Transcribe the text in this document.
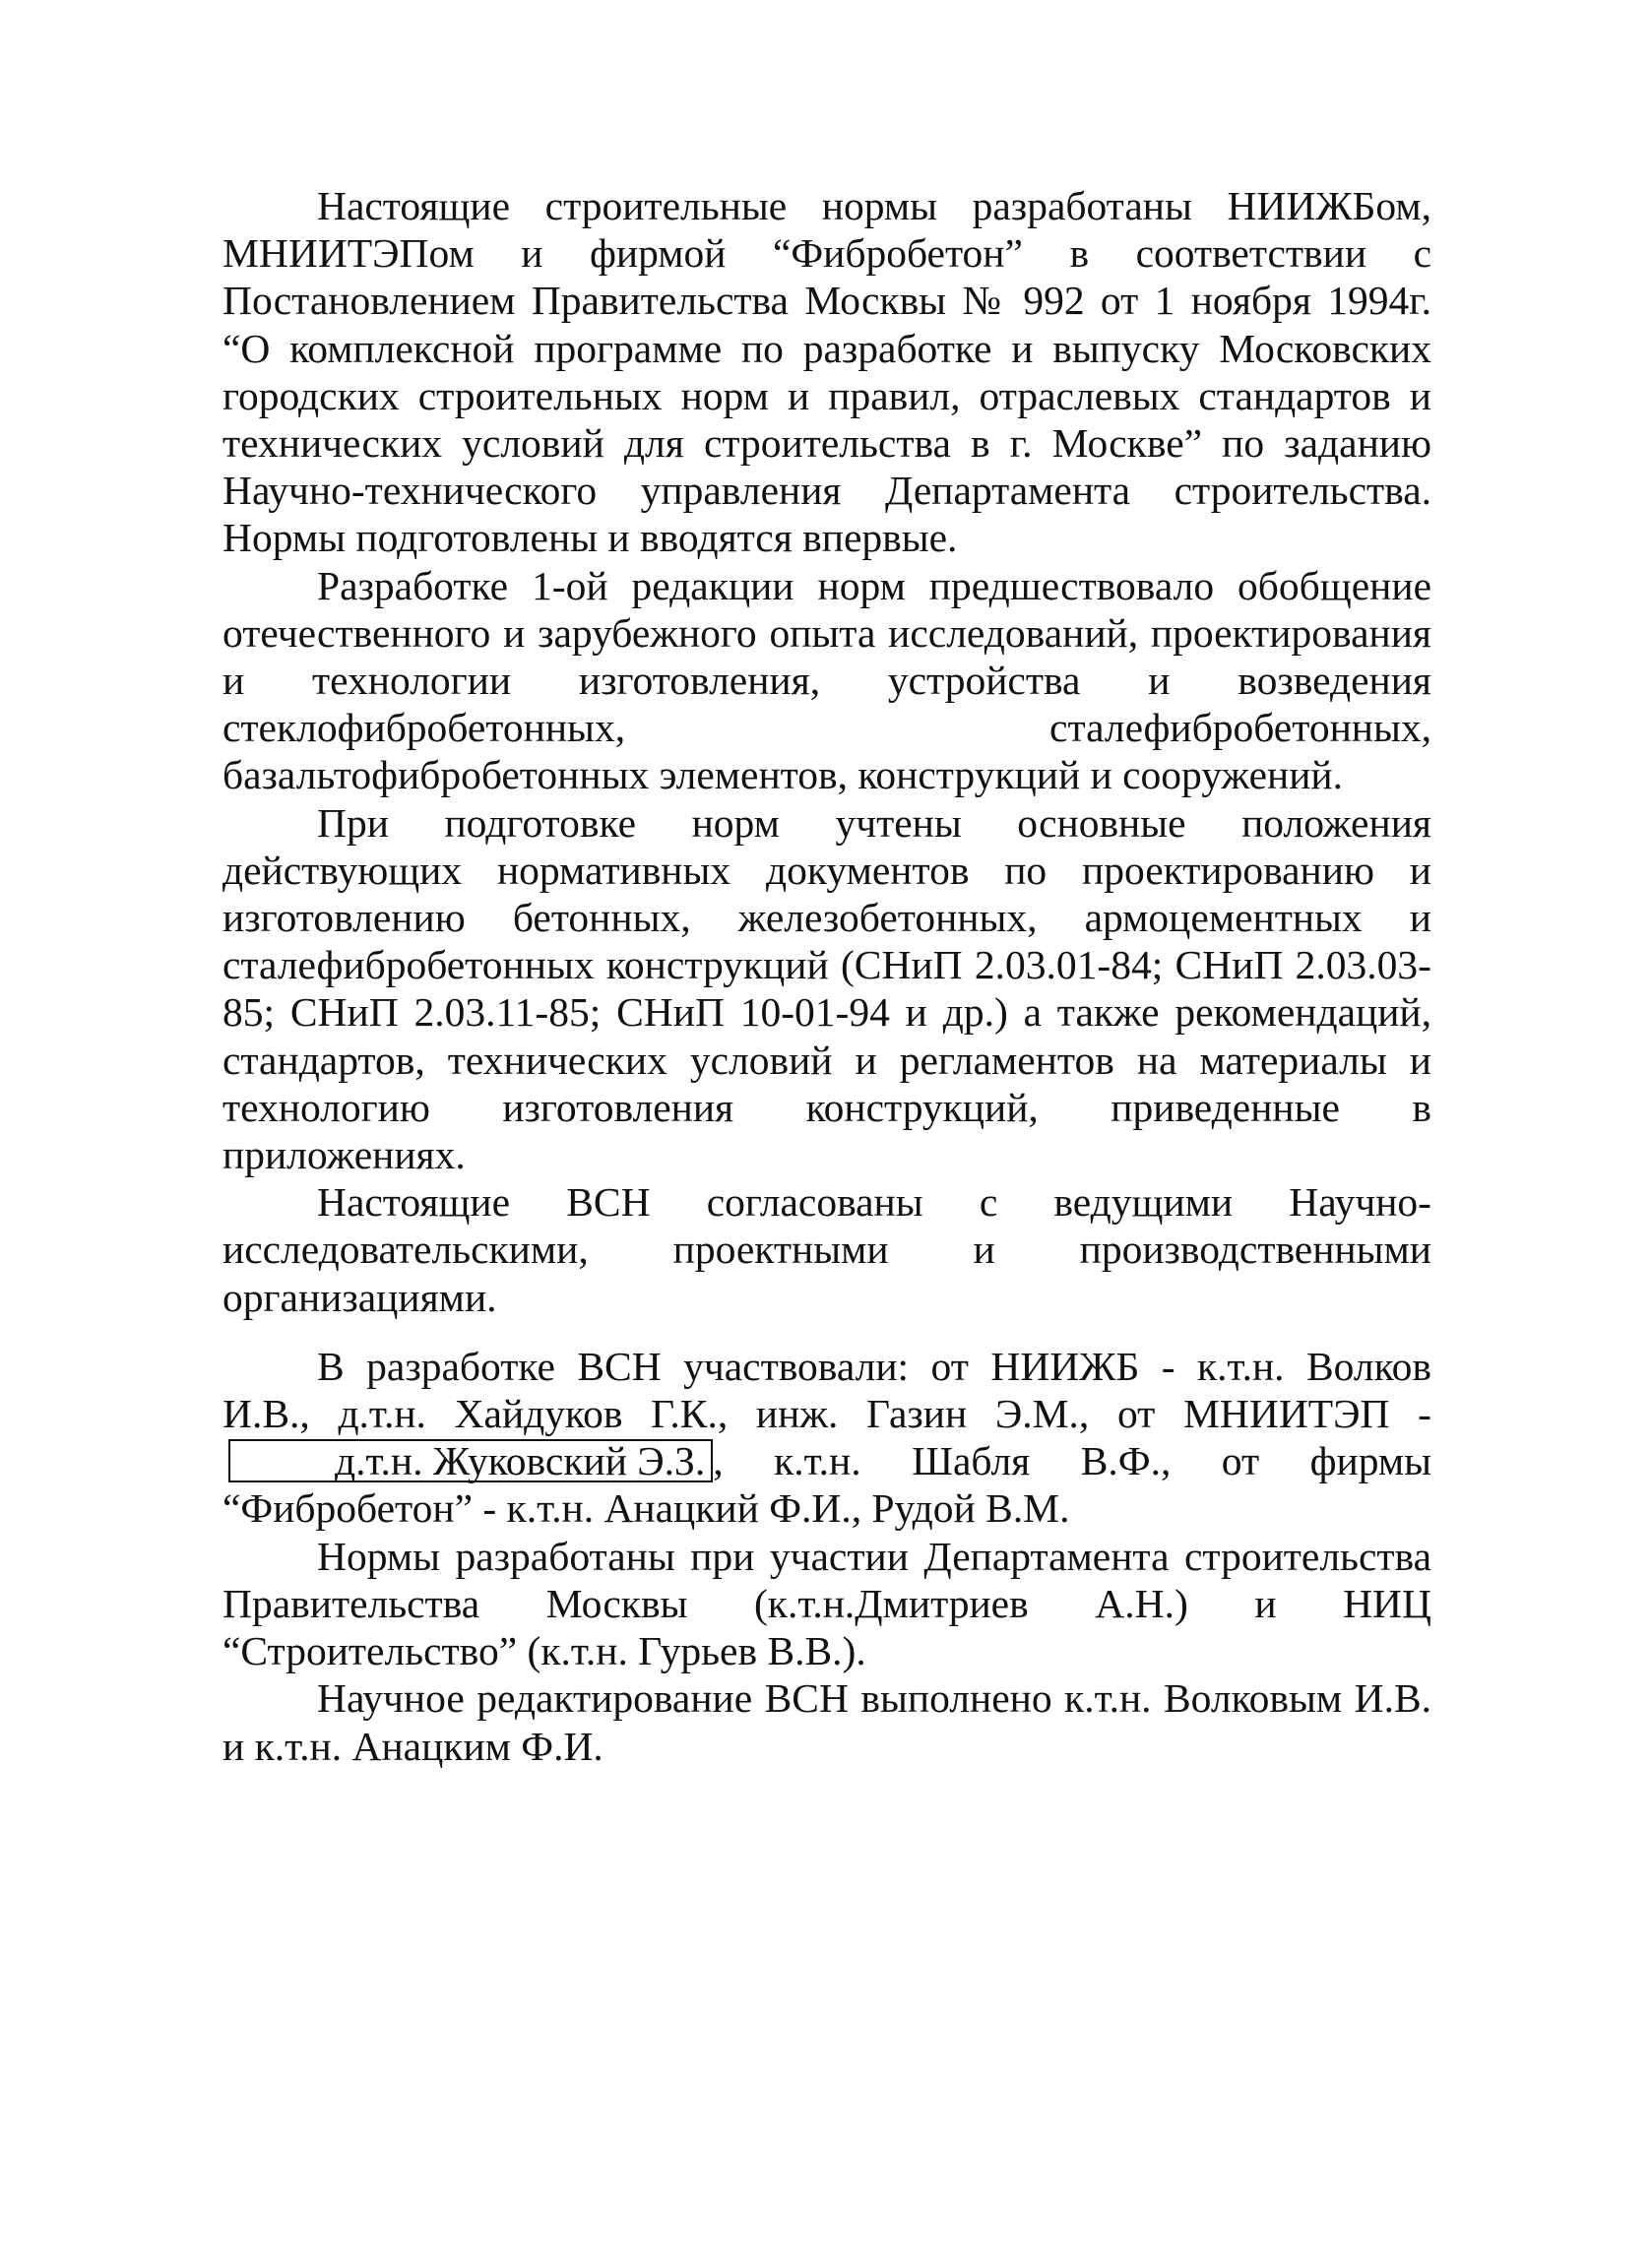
Настоящие строительные нормы разработаны НИИЖБом, МНИИТЭПом и фирмой “Фибробетон” в соответствии с Постановлением Правительства Москвы № 992 от 1 ноября 1994г. “О комплексной программе по разработке и выпуску Московских городских строительных норм и правил, отраслевых стандартов и технических условий для строительства в г. Москве” по заданию Научно-технического управления Департамента строительства. Нормы подготовлены и вводятся впервые.

Разработке 1-ой редакции норм предшествовало обобщение отечественного и зарубежного опыта исследований, проектирования и технологии изготовления, устройства и возведения стеклофибробетонных, сталефибробетонных, базальтофибробетонных элементов, конструкций и сооружений.

При подготовке норм учтены основные положения действующих нормативных документов по проектированию и изготовлению бетонных, железобетонных, армоцементных и сталефибробетонных конструкций (СНиП 2.03.01-84; СНиП 2.03.03-85; СНиП 2.03.11-85; СНиП 10-01-94 и др.) а также рекомендаций, стандартов, технических условий и регламентов на материалы и технологию изготовления конструкций, приведенные в приложениях.

Настоящие ВСН согласованы с ведущими Научно-исследовательскими, проектными и производственными организациями.

В разработке ВСН участвовали: от НИИЖБ - к.т.н. Волков И.В., д.т.н. Хайдуков Г.К., инж. Газин Э.М., от МНИИТЭП -д.т.н. Жуковский Э.З. , к.т.н. Шабля В.Ф., от фирмы “Фибробетон” - к.т.н. Анацкий Ф.И., Рудой В.М.

Нормы разработаны при участии Департамента строительства Правительства Москвы (к.т.н.Дмитриев А.Н.) и НИЦ “Строительство” (к.т.н. Гурьев В.В.).

Научное редактирование ВСН выполнено к.т.н. Волковым И.В. и к.т.н. Анацким Ф.И.
